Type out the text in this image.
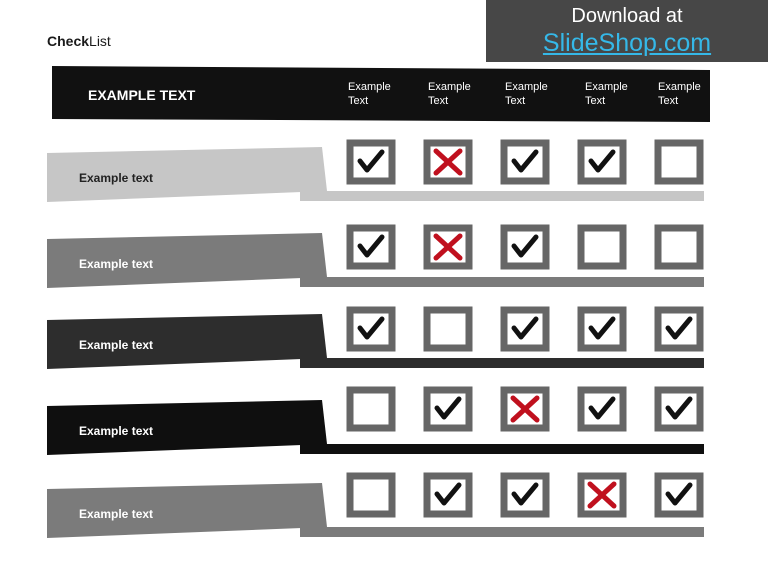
CheckList
Download at
SlideShop.com
EXAMPLE TEXT	Example
Text
Example
Text
Example
Text
Example
Text
Example
Text
Example text
Example text
Example text
Example text
Example text
